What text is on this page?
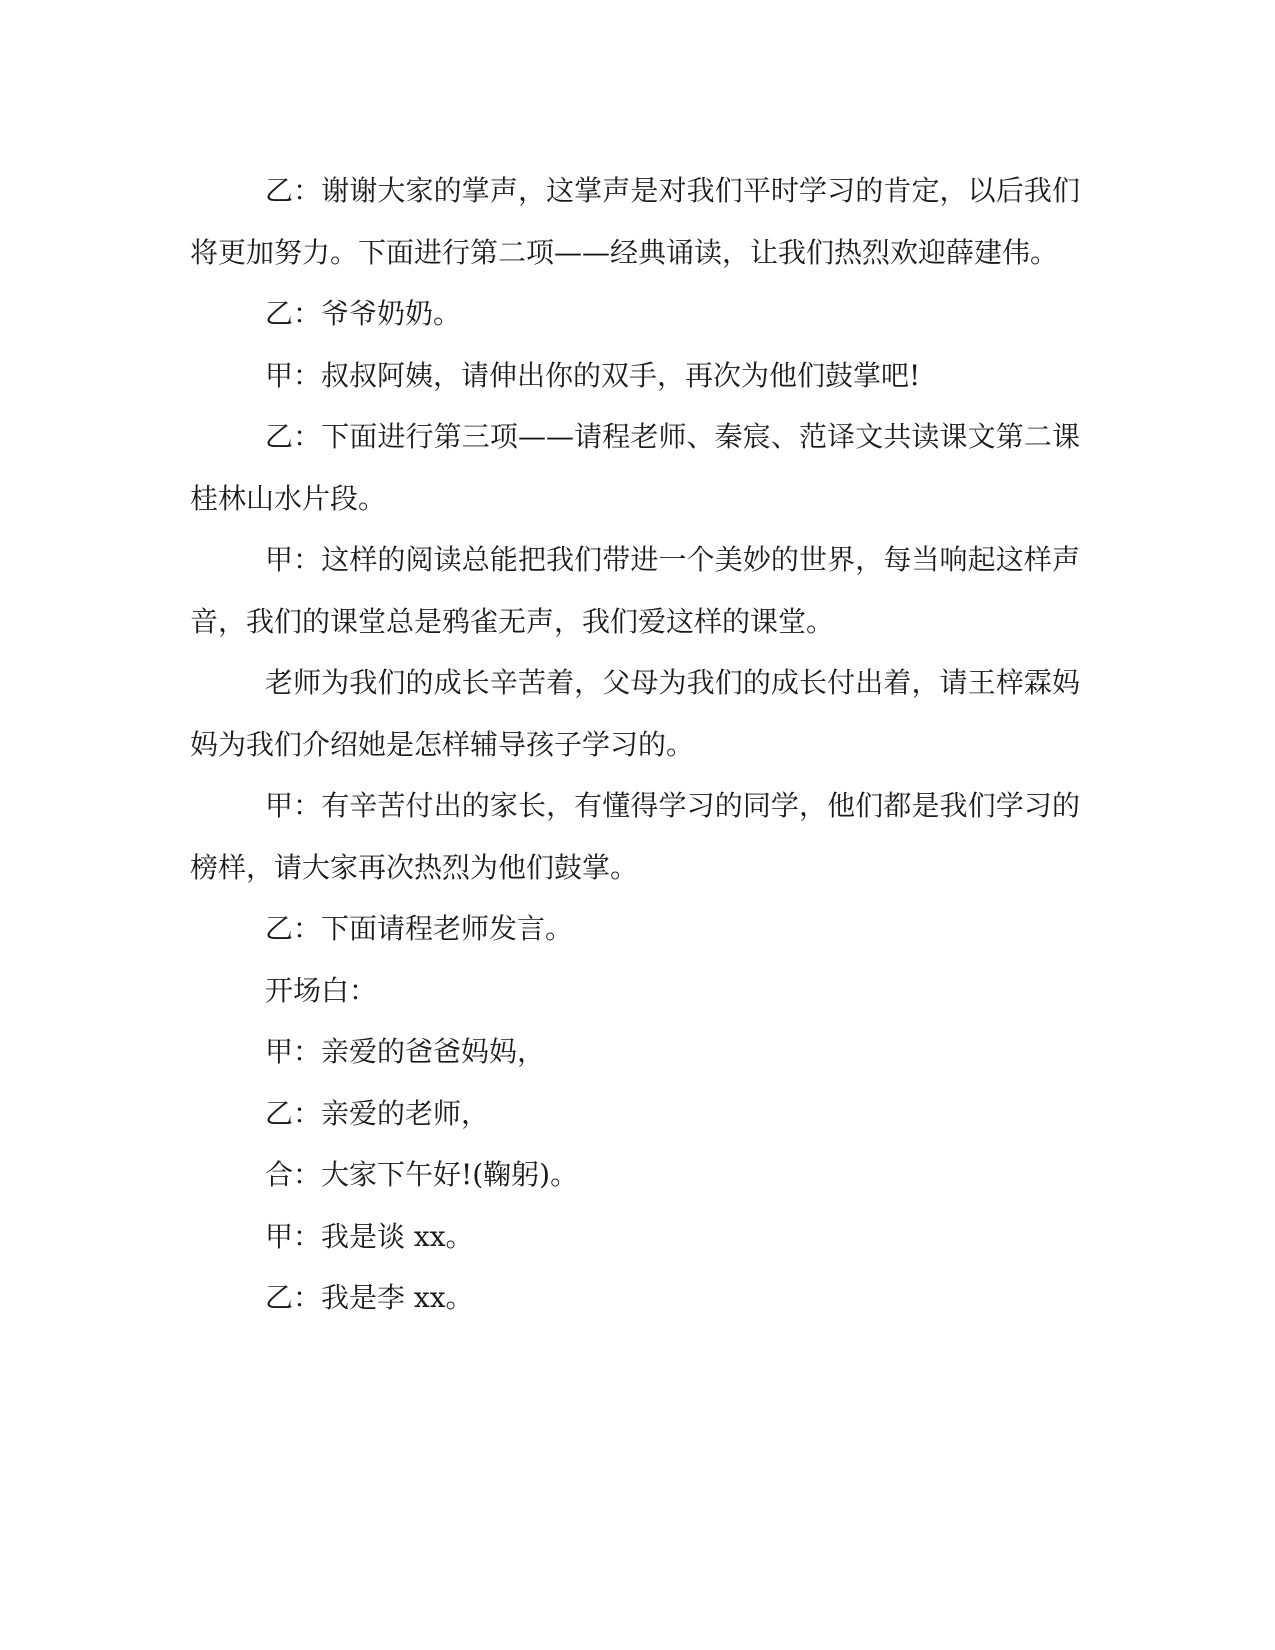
乙：谢谢大家的掌声，这掌声是对我们平时学习的肯定，以后我们将更加努力。下面进行第二项——经典诵读，让我们热烈欢迎薛建伟。

乙：爷爷奶奶。

甲：叔叔阿姨，请伸出你的双手，再次为他们鼓掌吧!

乙：下面进行第三项——请程老师、秦宸、范译文共读课文第二课桂林山水片段。

甲：这样的阅读总能把我们带进一个美妙的世界，每当响起这样声音，我们的课堂总是鸦雀无声，我们爱这样的课堂。

老师为我们的成长辛苦着，父母为我们的成长付出着，请王梓霖妈妈为我们介绍她是怎样辅导孩子学习的。

甲：有辛苦付出的家长，有懂得学习的同学，他们都是我们学习的榜样，请大家再次热烈为他们鼓掌。

乙：下面请程老师发言。

开场白：

甲：亲爱的爸爸妈妈，

乙：亲爱的老师，

合：大家下午好!(鞠躬)。

甲：我是谈 xx。

乙：我是李 xx。
